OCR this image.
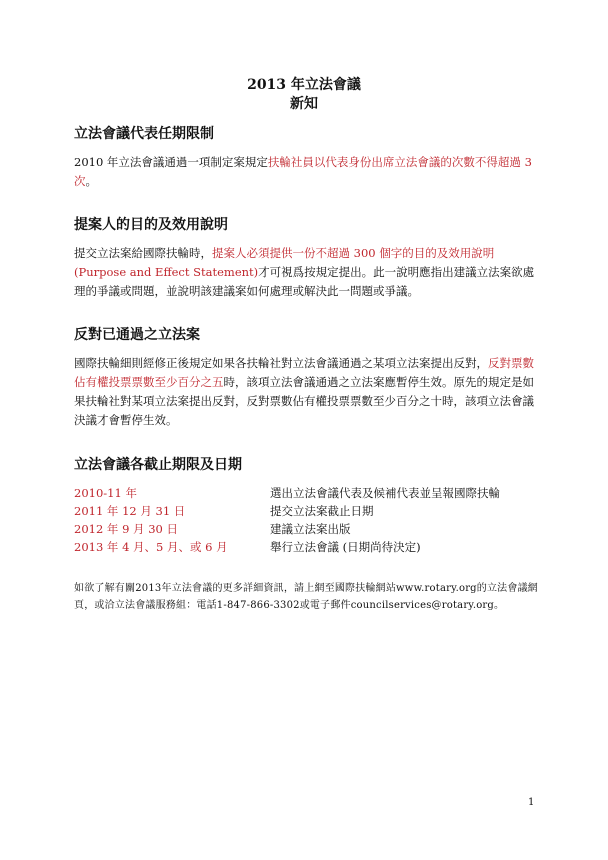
2013 年立法會議
新知
立法會議代表任期限制

2010 年立法會議通過一項制定案規定扶輪社員以代表身份出席立法會議的次數不得超過 3 次。

提案人的目的及效用說明

提交立法案給國際扶輪時，提案人必須提供一份不超過 300 個字的目的及效用說明 (Purpose and Effect Statement)才可視爲按規定提出。此一說明應指出建議立法案欲處理的爭議或問題，並說明該建議案如何處理或解決此一問題或爭議。

反對已通過之立法案

國際扶輪細則經修正後規定如果各扶輪社對立法會議通過之某項立法案提出反對，反對票數佔有權投票票數至少百分之五時，該項立法會議通過之立法案應暫停生效。原先的規定是如果扶輪社對某項立法案提出反對，反對票數佔有權投票票數至少百分之十時，該項立法會議決議才會暫停生效。

立法會議各截止期限及日期
2010-11 年	選出立法會議代表及候補代表並呈報國際扶輪
2011 年 12 月 31 日	提交立法案截止日期
2012 年 9 月 30 日	建議立法案出版
2013 年 4 月、5 月、或 6 月	舉行立法會議 (日期尚待決定)

如欲了解有關2013年立法會議的更多詳細資訊，請上網至國際扶輪網站www.rotary.org的立法會議網頁，或洽立法會議服務組：電話1-847-866-3302或電子郵件councilservices@rotary.org。

1
